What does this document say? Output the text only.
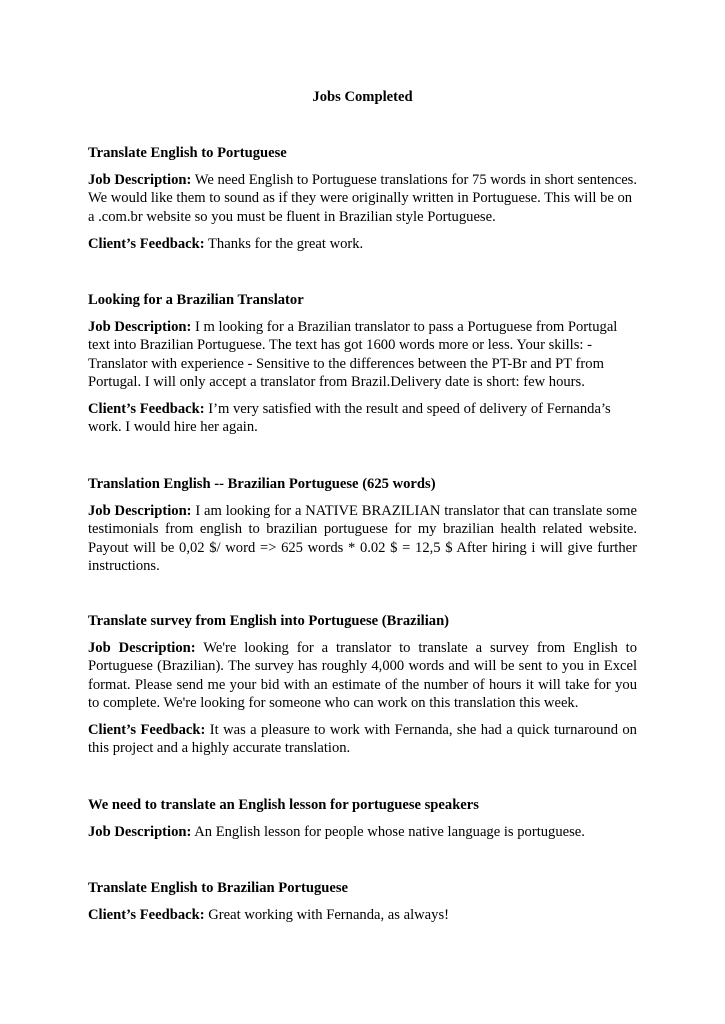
Jobs Completed
Translate English to Portuguese
Job Description: We need English to Portuguese translations for 75 words in short sentences. We would like them to sound as if they were originally written in Portuguese. This will be on a .com.br website so you must be fluent in Brazilian style Portuguese.
Client’s Feedback: Thanks for the great work.
Looking for a Brazilian Translator
Job Description: I m looking for a Brazilian translator to pass a Portuguese from Portugal text into Brazilian Portuguese. The text has got 1600 words more or less. Your skills: - Translator with experience - Sensitive to the differences between the PT-Br and PT from Portugal. I will only accept a translator from Brazil.Delivery date is short: few hours.
Client’s Feedback: I’m very satisfied with the result and speed of delivery of Fernanda’s work. I would hire her again.
Translation English -- Brazilian Portuguese (625 words)
Job Description: I am looking for a NATIVE BRAZILIAN translator that can translate some testimonials from english to brazilian portuguese for my brazilian health related website. Payout will be 0,02 $/ word => 625 words * 0.02 $ = 12,5 $ After hiring i will give further instructions.
Translate survey from English into Portuguese (Brazilian)
Job Description: We're looking for a translator to translate a survey from English to Portuguese (Brazilian). The survey has roughly 4,000 words and will be sent to you in Excel format. Please send me your bid with an estimate of the number of hours it will take for you to complete. We're looking for someone who can work on this translation this week.
Client’s Feedback: It was a pleasure to work with Fernanda, she had a quick turnaround on this project and a highly accurate translation.
We need to translate an English lesson for portuguese speakers
Job Description: An English lesson for people whose native language is portuguese.
Translate English to Brazilian Portuguese
Client’s Feedback: Great working with Fernanda, as always!
